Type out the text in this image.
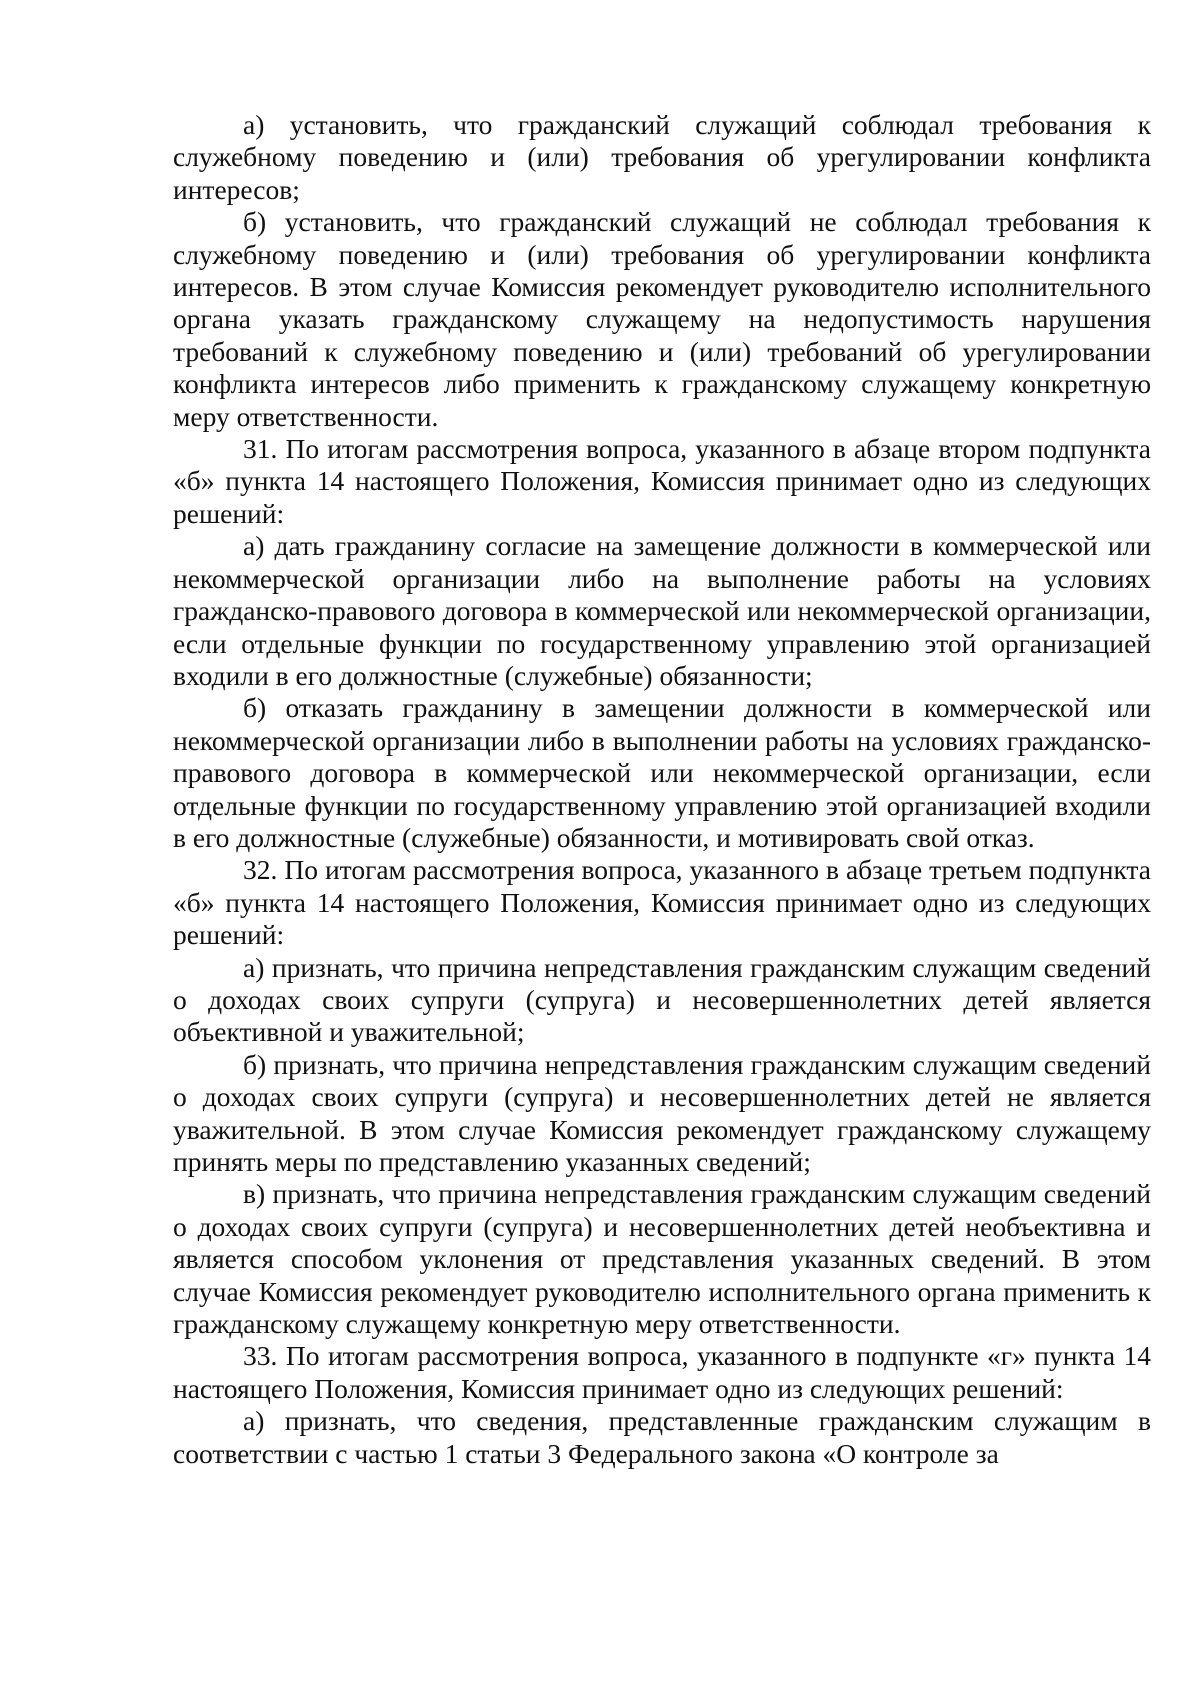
а) установить, что гражданский служащий соблюдал требования к служебному поведению и (или) требования об урегулировании конфликта интересов;

б) установить, что гражданский служащий не соблюдал требования к служебному поведению и (или) требования об урегулировании конфликта интересов. В этом случае Комиссия рекомендует руководителю исполнительного органа указать гражданскому служащему на недопустимость нарушения требований к служебному поведению и (или) требований об урегулировании конфликта интересов либо применить к гражданскому служащему конкретную меру ответственности.

31. По итогам рассмотрения вопроса, указанного в абзаце втором подпункта «б» пункта 14 настоящего Положения, Комиссия принимает одно из следующих решений:

а) дать гражданину согласие на замещение должности в коммерческой или некоммерческой организации либо на выполнение работы на условиях гражданско-правового договора в коммерческой или некоммерческой организации, если отдельные функции по государственному управлению этой организацией входили в его должностные (служебные) обязанности;

б) отказать гражданину в замещении должности в коммерческой или некоммерческой организации либо в выполнении работы на условиях гражданско-правового договора в коммерческой или некоммерческой организации, если отдельные функции по государственному управлению этой организацией входили в его должностные (служебные) обязанности, и мотивировать свой отказ.

32. По итогам рассмотрения вопроса, указанного в абзаце третьем подпункта «б» пункта 14 настоящего Положения, Комиссия принимает одно из следующих решений:

а) признать, что причина непредставления гражданским служащим сведений о доходах своих супруги (супруга) и несовершеннолетних детей является объективной и уважительной;

б) признать, что причина непредставления гражданским служащим сведений о доходах своих супруги (супруга) и несовершеннолетних детей не является уважительной. В этом случае Комиссия рекомендует гражданскому служащему принять меры по представлению указанных сведений;

в) признать, что причина непредставления гражданским служащим сведений о доходах своих супруги (супруга) и несовершеннолетних детей необъективна и является способом уклонения от представления указанных сведений. В этом случае Комиссия рекомендует руководителю исполнительного органа применить к гражданскому служащему конкретную меру ответственности.

33. По итогам рассмотрения вопроса, указанного в подпункте «г» пункта 14 настоящего Положения, Комиссия принимает одно из следующих решений:

а) признать, что сведения, представленные гражданским служащим в соответствии с частью 1 статьи 3 Федерального закона «О контроле за
